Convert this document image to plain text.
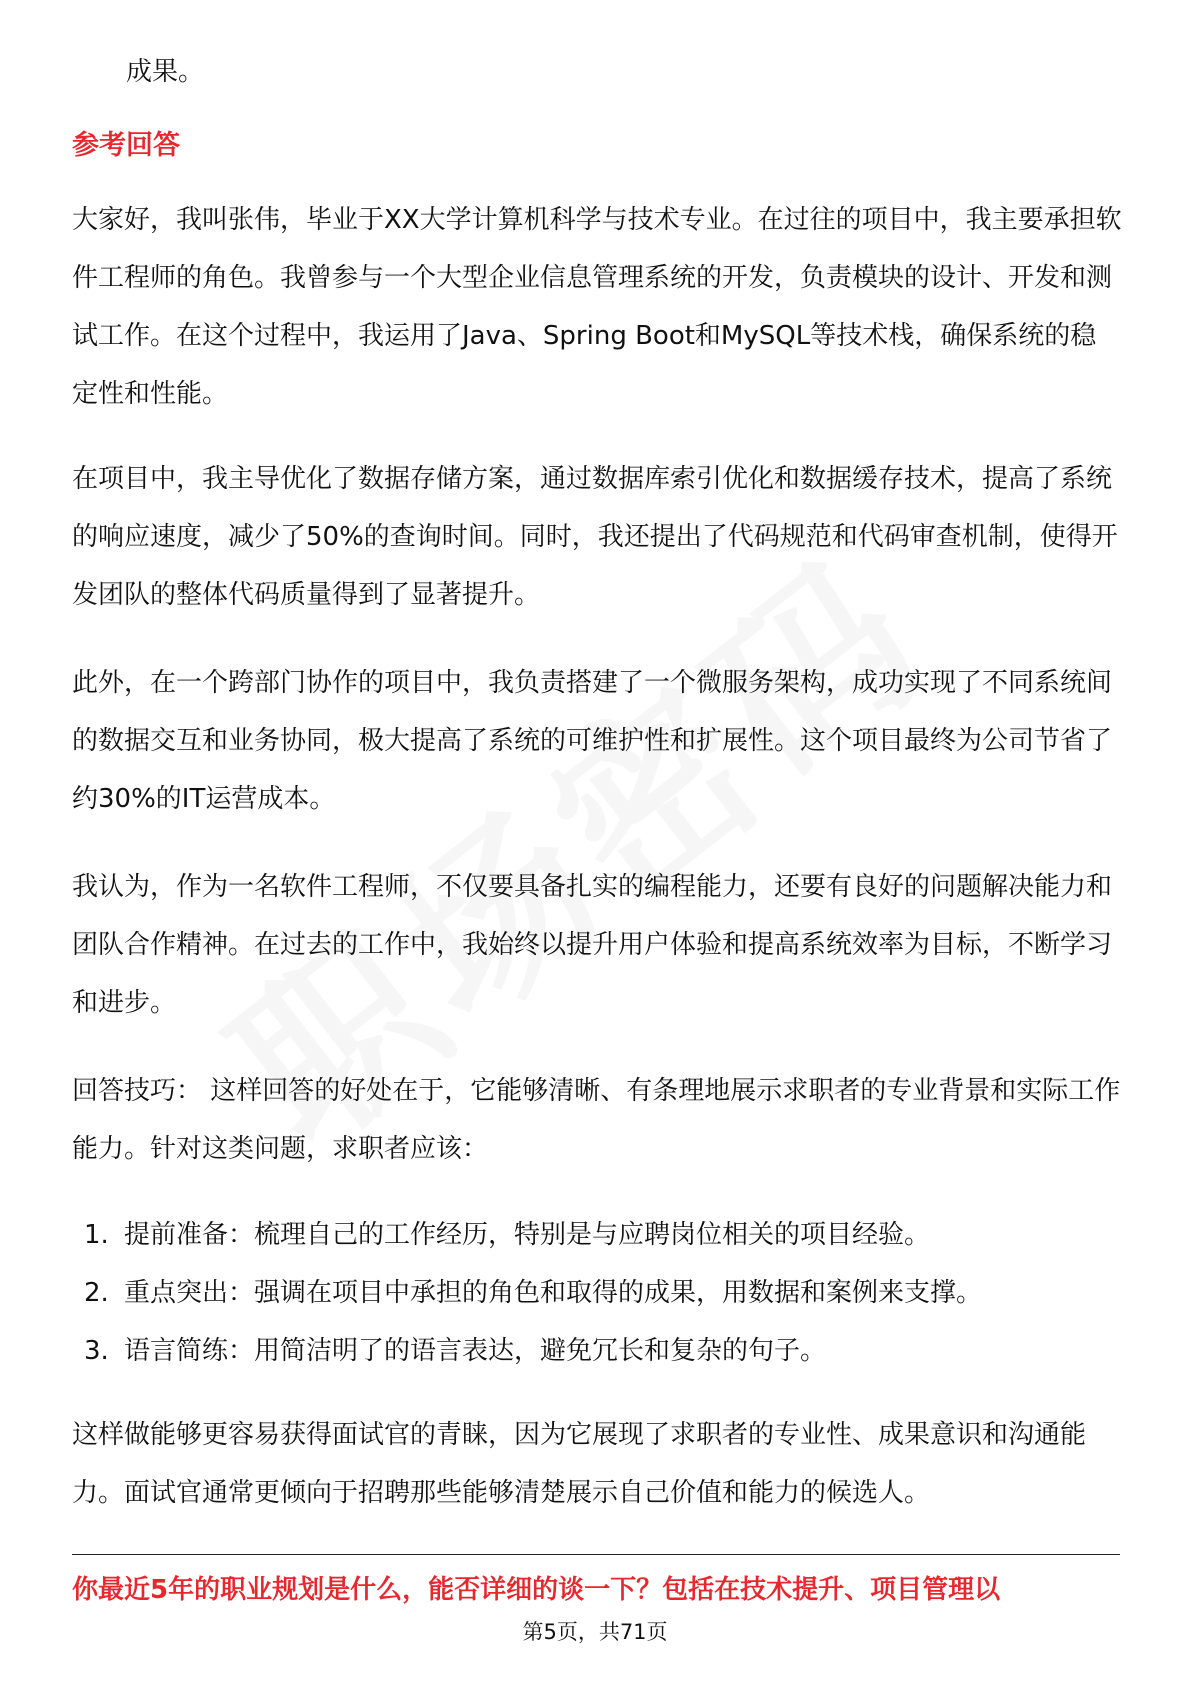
成果。
参考回答

大家好，我叫张伟，毕业于XX大学计算机科学与技术专业。在过往的项目中，我主要承担软件工程师的角色。我曾参与一个大型企业信息管理系统的开发，负责模块的设计、开发和测试工作。在这个过程中，我运用了Java、Spring Boot和MySQL等技术栈，确保系统的稳定性和性能。

在项目中，我主导优化了数据存储方案，通过数据库索引优化和数据缓存技术，提高了系统的响应速度，减少了50%的查询时间。同时，我还提出了代码规范和代码审查机制，使得开发团队的整体代码质量得到了显著提升。

此外，在一个跨部门协作的项目中，我负责搭建了一个微服务架构，成功实现了不同系统间的数据交互和业务协同，极大提高了系统的可维护性和扩展性。这个项目最终为公司节省了约30%的IT运营成本。

我认为，作为一名软件工程师，不仅要具备扎实的编程能力，还要有良好的问题解决能力和团队合作精神。在过去的工作中，我始终以提升用户体验和提高系统效率为目标，不断学习和进步。

回答技巧： 这样回答的好处在于，它能够清晰、有条理地展示求职者的专业背景和实际工作能力。针对这类问题，求职者应该：

1. 提前准备：梳理自己的工作经历，特别是与应聘岗位相关的项目经验。
2. 重点突出：强调在项目中承担的角色和取得的成果，用数据和案例来支撑。
3. 语言简练：用简洁明了的语言表达，避免冗长和复杂的句子。

这样做能够更容易获得面试官的青睐，因为它展现了求职者的专业性、成果意识和沟通能力。面试官通常更倾向于招聘那些能够清楚展示自己价值和能力的候选人。

你最近5年的职业规划是什么，能否详细的谈一下？包括在技术提升、项目管理以
第5页，共71页
